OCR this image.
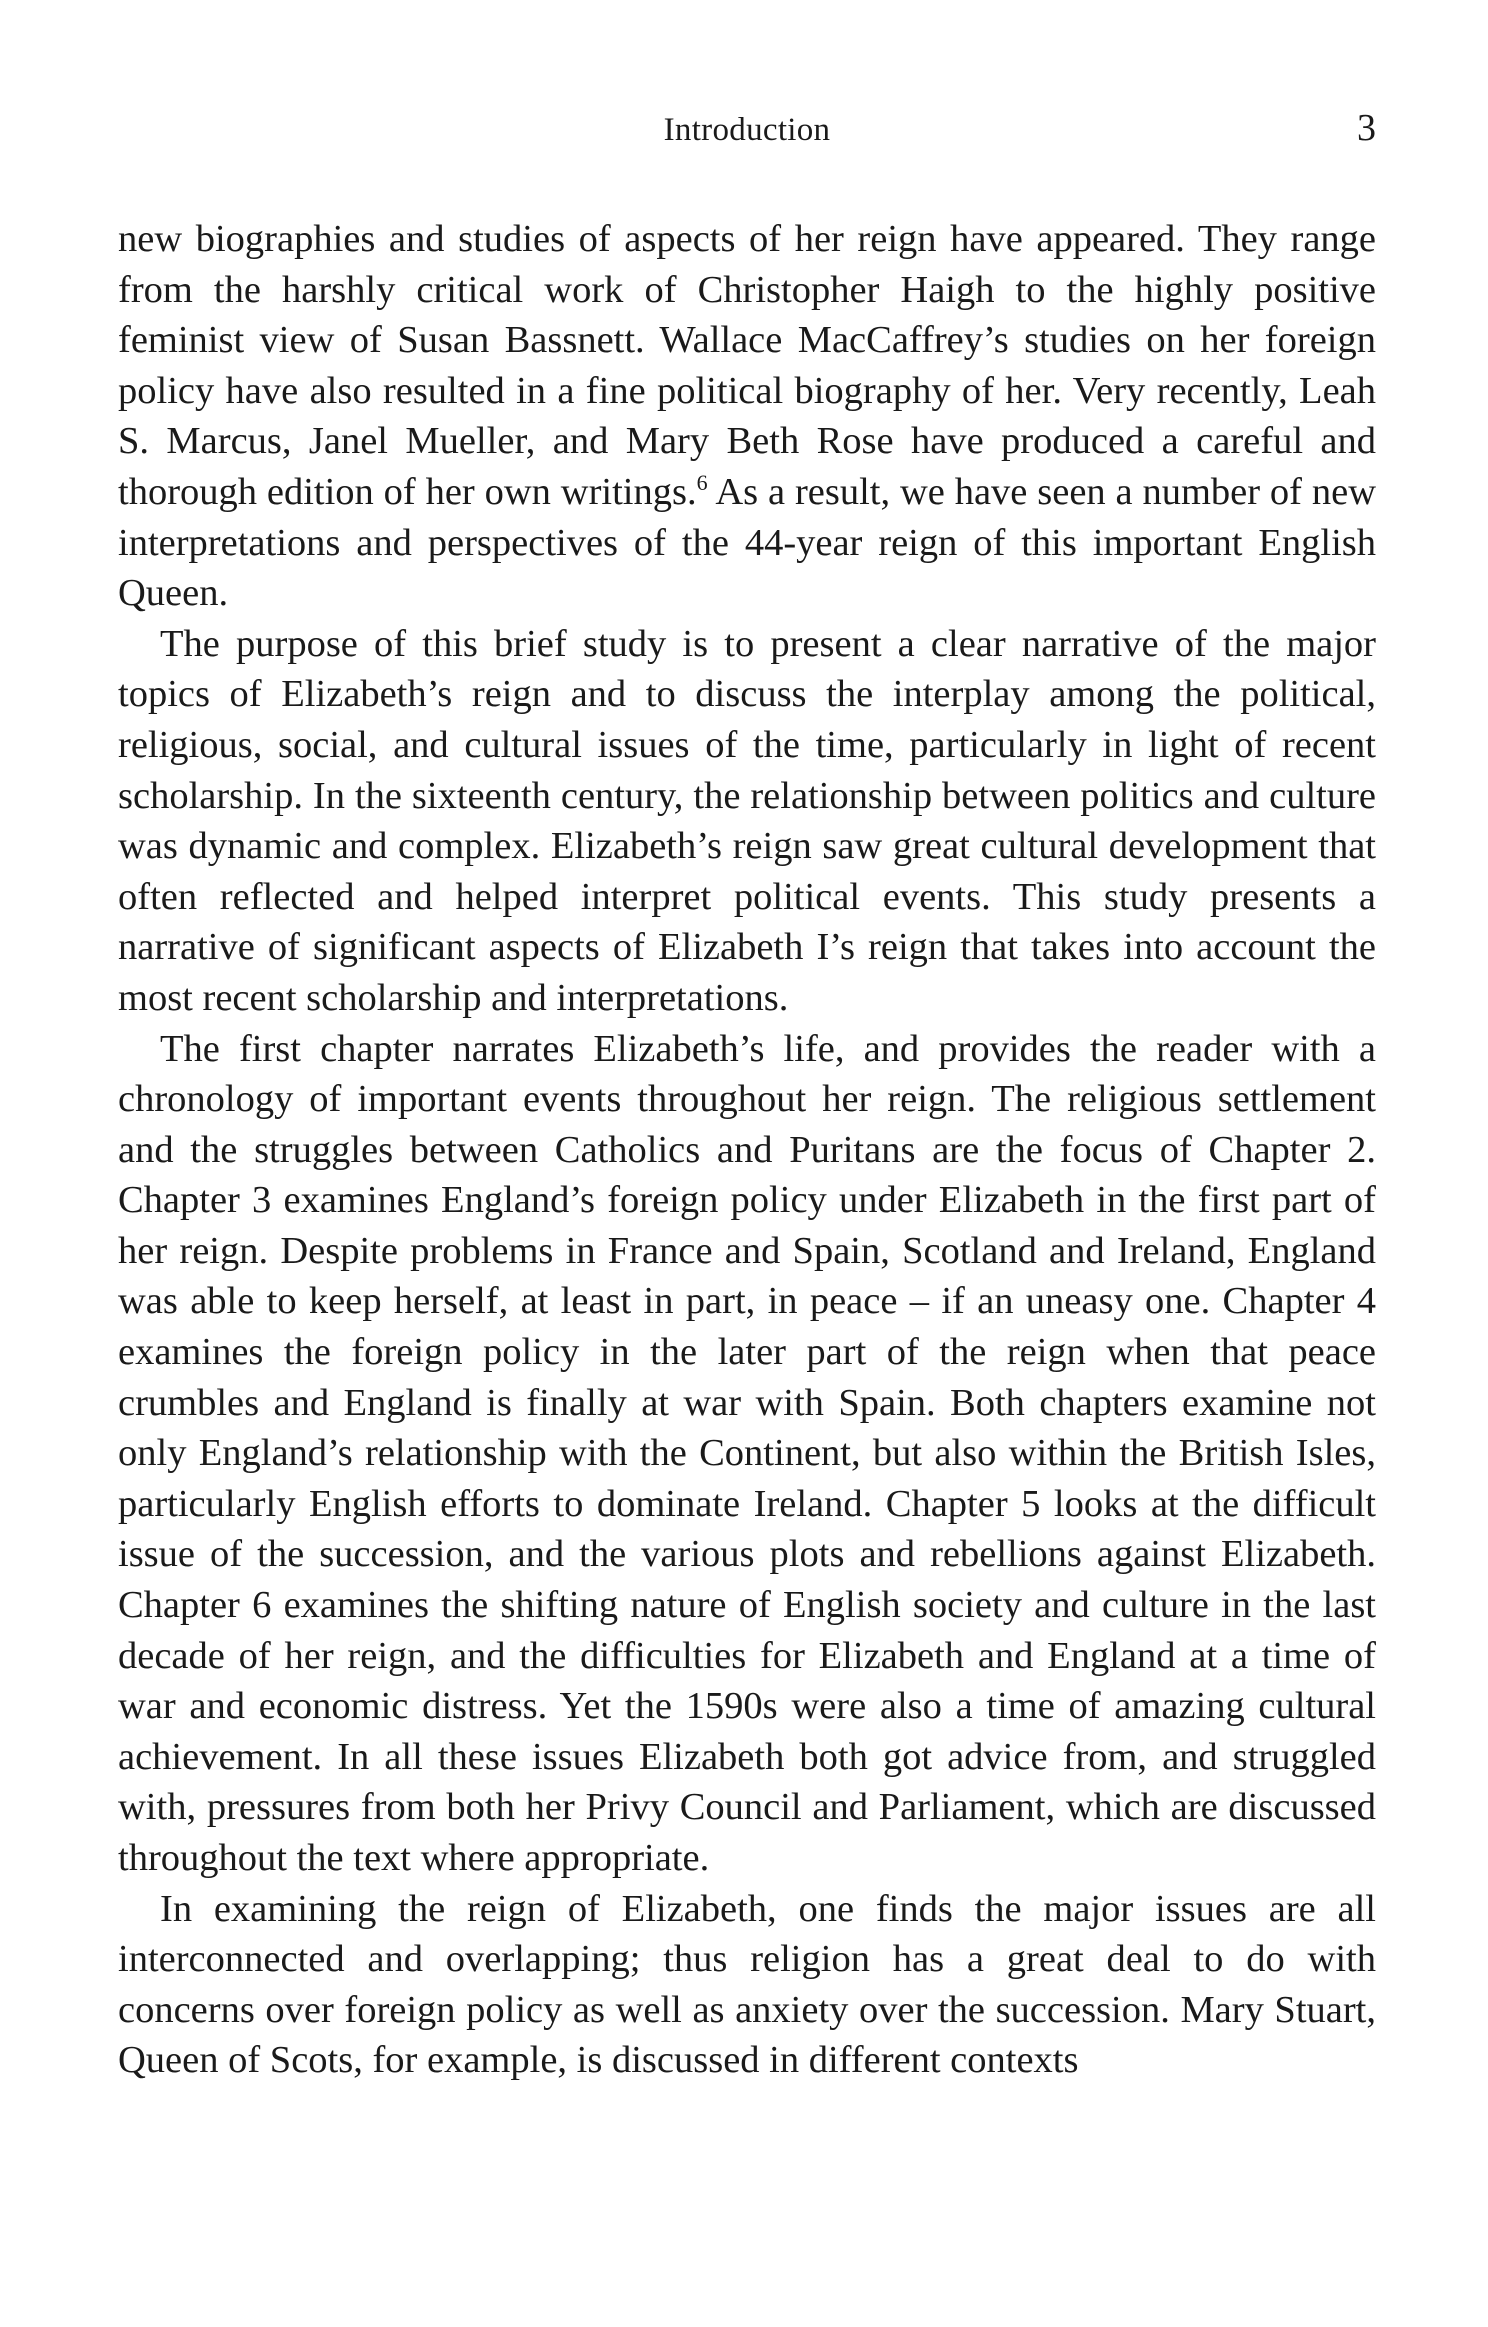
Introduction	3

new biographies and studies of aspects of her reign have appeared. They range from the harshly critical work of Christopher Haigh to the highly positive feminist view of Susan Bassnett. Wallace MacCaffrey’s studies on her foreign policy have also resulted in a fine political biography of her. Very recently, Leah S. Marcus, Janel Mueller, and Mary Beth Rose have produced a careful and thorough edition of her own writings.$^6$ As a result, we have seen a number of new interpretations and perspectives of the 44-year reign of this important English Queen.

The purpose of this brief study is to present a clear narrative of the major topics of Elizabeth’s reign and to discuss the interplay among the political, religious, social, and cultural issues of the time, particularly in light of recent scholarship. In the sixteenth century, the relationship between politics and culture was dynamic and complex. Elizabeth’s reign saw great cultural development that often reflected and helped interpret political events. This study presents a narrative of significant aspects of Elizabeth I’s reign that takes into account the most recent scholarship and interpretations.

The first chapter narrates Elizabeth’s life, and provides the reader with a chronology of important events throughout her reign. The religious settlement and the struggles between Catholics and Puritans are the focus of Chapter 2. Chapter 3 examines England’s foreign policy under Elizabeth in the first part of her reign. Despite problems in France and Spain, Scotland and Ireland, England was able to keep herself, at least in part, in peace – if an uneasy one. Chapter 4 examines the foreign policy in the later part of the reign when that peace crumbles and England is finally at war with Spain. Both chapters examine not only England’s relationship with the Continent, but also within the British Isles, particularly English efforts to dominate Ireland. Chapter 5 looks at the difficult issue of the succession, and the various plots and rebellions against Elizabeth. Chapter 6 examines the shifting nature of English society and culture in the last decade of her reign, and the difficulties for Elizabeth and England at a time of war and economic distress. Yet the 1590s were also a time of amazing cultural achievement. In all these issues Elizabeth both got advice from, and struggled with, pressures from both her Privy Council and Parliament, which are discussed throughout the text where appropriate.

In examining the reign of Elizabeth, one finds the major issues are all interconnected and overlapping; thus religion has a great deal to do with concerns over foreign policy as well as anxiety over the succession. Mary Stuart, Queen of Scots, for example, is discussed in different contexts
